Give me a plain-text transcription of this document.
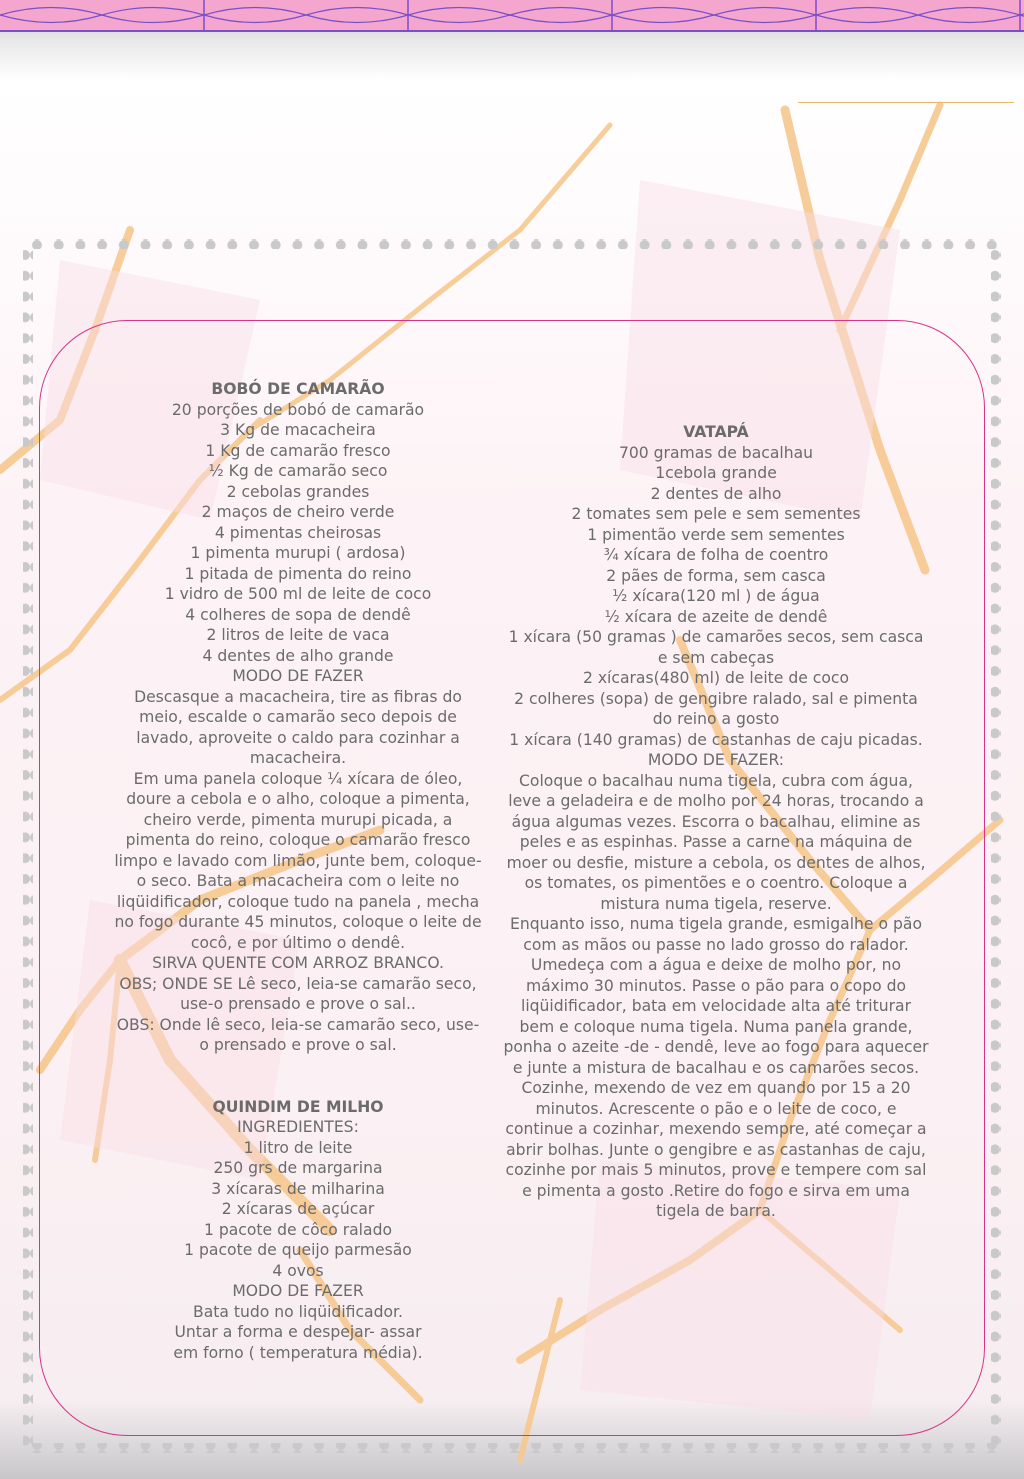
BOBÓ DE CAMARÃO

20 porções de bobó de camarão

3 Kg de macacheira

1 Kg de camarão fresco

½ Kg de camarão seco

2 cebolas grandes

2 maços de cheiro verde

4 pimentas cheirosas

1 pimenta murupi ( ardosa)

1 pitada de pimenta do reino

1 vidro de 500 ml de leite de coco

4 colheres de sopa de dendê

2 litros de leite de vaca

4 dentes de alho grande

MODO DE FAZER

Descasque a macacheira, tire as fibras do meio, escalde o camarão seco depois de lavado, aproveite o caldo para cozinhar a macacheira.

Em uma panela coloque ¼ xícara de óleo, doure a cebola e o alho, coloque a pimenta, cheiro verde, pimenta murupi picada, a pimenta do reino, coloque o camarão fresco limpo e lavado com limão, junte bem, coloque-o seco. Bata a macacheira com o leite no liqüidificador, coloque tudo na panela , mecha no fogo durante 45 minutos, coloque o leite de cocô, e por último o dendê.

SIRVA QUENTE COM ARROZ BRANCO.

OBS; ONDE SE Lê seco, leia-se camarão seco, use-o prensado e prove o sal..

OBS: Onde lê seco, leia-se camarão seco, use-o prensado e prove o sal.

QUINDIM DE MILHO

INGREDIENTES:

1 litro de leite

250 grs de margarina

3 xícaras de milharina

2 xícaras de açúcar

1 pacote de côco ralado

1 pacote de queijo parmesão

4 ovos

MODO DE FAZER

Bata tudo no liqüidificador.

Untar a forma e despejar- assar

em forno ( temperatura média).

VATAPÁ

700 gramas de bacalhau

1cebola grande

2 dentes de alho

2 tomates sem pele e sem sementes

1 pimentão verde sem sementes

¾ xícara de folha de coentro

2 pães de forma, sem casca

½ xícara(120 ml ) de água

½ xícara de azeite de dendê

1 xícara (50 gramas ) de camarões secos, sem casca e sem cabeças

2 xícaras(480 ml) de leite de coco

2 colheres (sopa) de gengibre ralado, sal e pimenta do reino a gosto

1 xícara (140 gramas) de castanhas de caju picadas.

MODO DE FAZER:

Coloque o bacalhau numa tigela, cubra com água, leve a geladeira e de molho por 24 horas, trocando a água algumas vezes. Escorra o bacalhau, elimine as peles e as espinhas. Passe a carne na máquina de moer ou desfie, misture a cebola, os dentes de alhos, os tomates, os pimentões e o coentro. Coloque a mistura numa tigela, reserve.

Enquanto isso, numa tigela grande, esmigalhe o pão com as mãos ou passe no lado grosso do ralador. Umedeça com a água e deixe de molho por, no máximo 30 minutos. Passe o pão para o copo do liqüidificador, bata em velocidade alta até triturar bem e coloque numa tigela. Numa panela grande, ponha o azeite -de - dendê, leve ao fogo para aquecer e junte a mistura de bacalhau e os camarões secos. Cozinhe, mexendo de vez em quando por 15 a 20 minutos. Acrescente o pão e o leite de coco, e continue a cozinhar, mexendo sempre, até começar a abrir bolhas. Junte o gengibre e as castanhas de caju, cozinhe por mais 5 minutos, prove e tempere com sal e pimenta a gosto .Retire do fogo e sirva em uma tigela de barra.
